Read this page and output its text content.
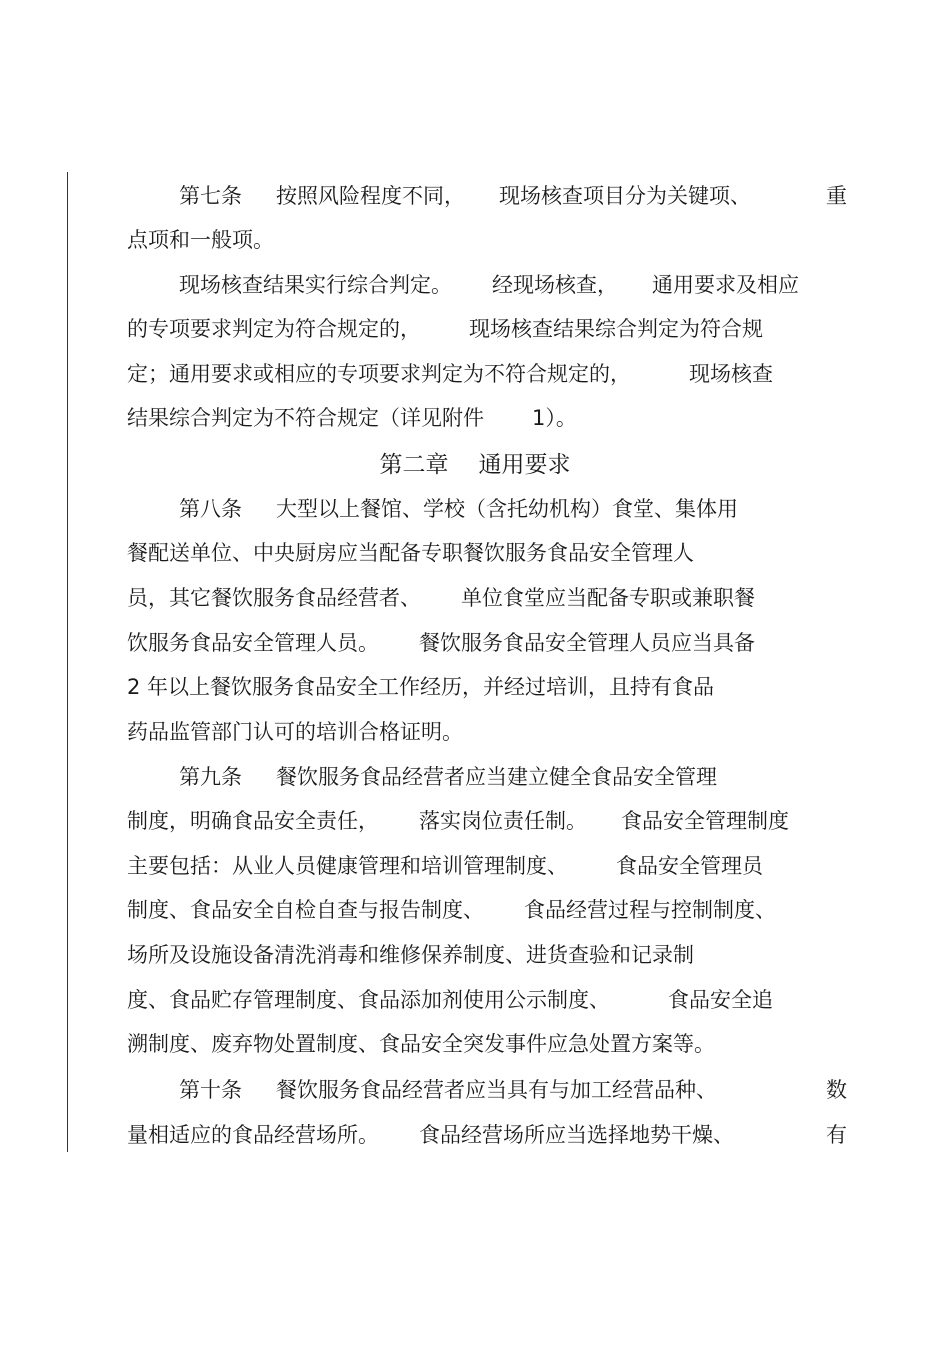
第七条 按照风险程度不同， 现场核查项目分为关键项、	重
点项和一般项。
现场核查结果实行综合判定。 经现场核查， 通用要求及相应
的专项要求判定为符合规定的， 现场核查结果综合判定为符合规
定；通用要求或相应的专项要求判定为不符合规定的，	现场核查
结果综合判定为不符合规定（详见附件 1）。
第二章 通用要求
第八条 大型以上餐馆、学校（含托幼机构）食堂、集体用
餐配送单位、中央厨房应当配备专职餐饮服务食品安全管理人
员，其它餐饮服务食品经营者、 单位食堂应当配备专职或兼职餐
饮服务食品安全管理人员。 餐饮服务食品安全管理人员应当具备
2 年以上餐饮服务食品安全工作经历，并经过培训，且持有食品
药品监管部门认可的培训合格证明。
第九条 餐饮服务食品经营者应当建立健全食品安全管理
制度，明确食品安全责任， 落实岗位责任制。 食品安全管理制度
主要包括：从业人员健康管理和培训管理制度、 食品安全管理员
制度、食品安全自检自查与报告制度、 食品经营过程与控制制度、
场所及设施设备清洗消毒和维修保养制度、进货查验和记录制
度、食品贮存管理制度、食品添加剂使用公示制度、	食品安全追
溯制度、废弃物处置制度、食品安全突发事件应急处置方案等。
第十条 餐饮服务食品经营者应当具有与加工经营品种、	数
量相适应的食品经营场所。 食品经营场所应当选择地势干燥、	有
